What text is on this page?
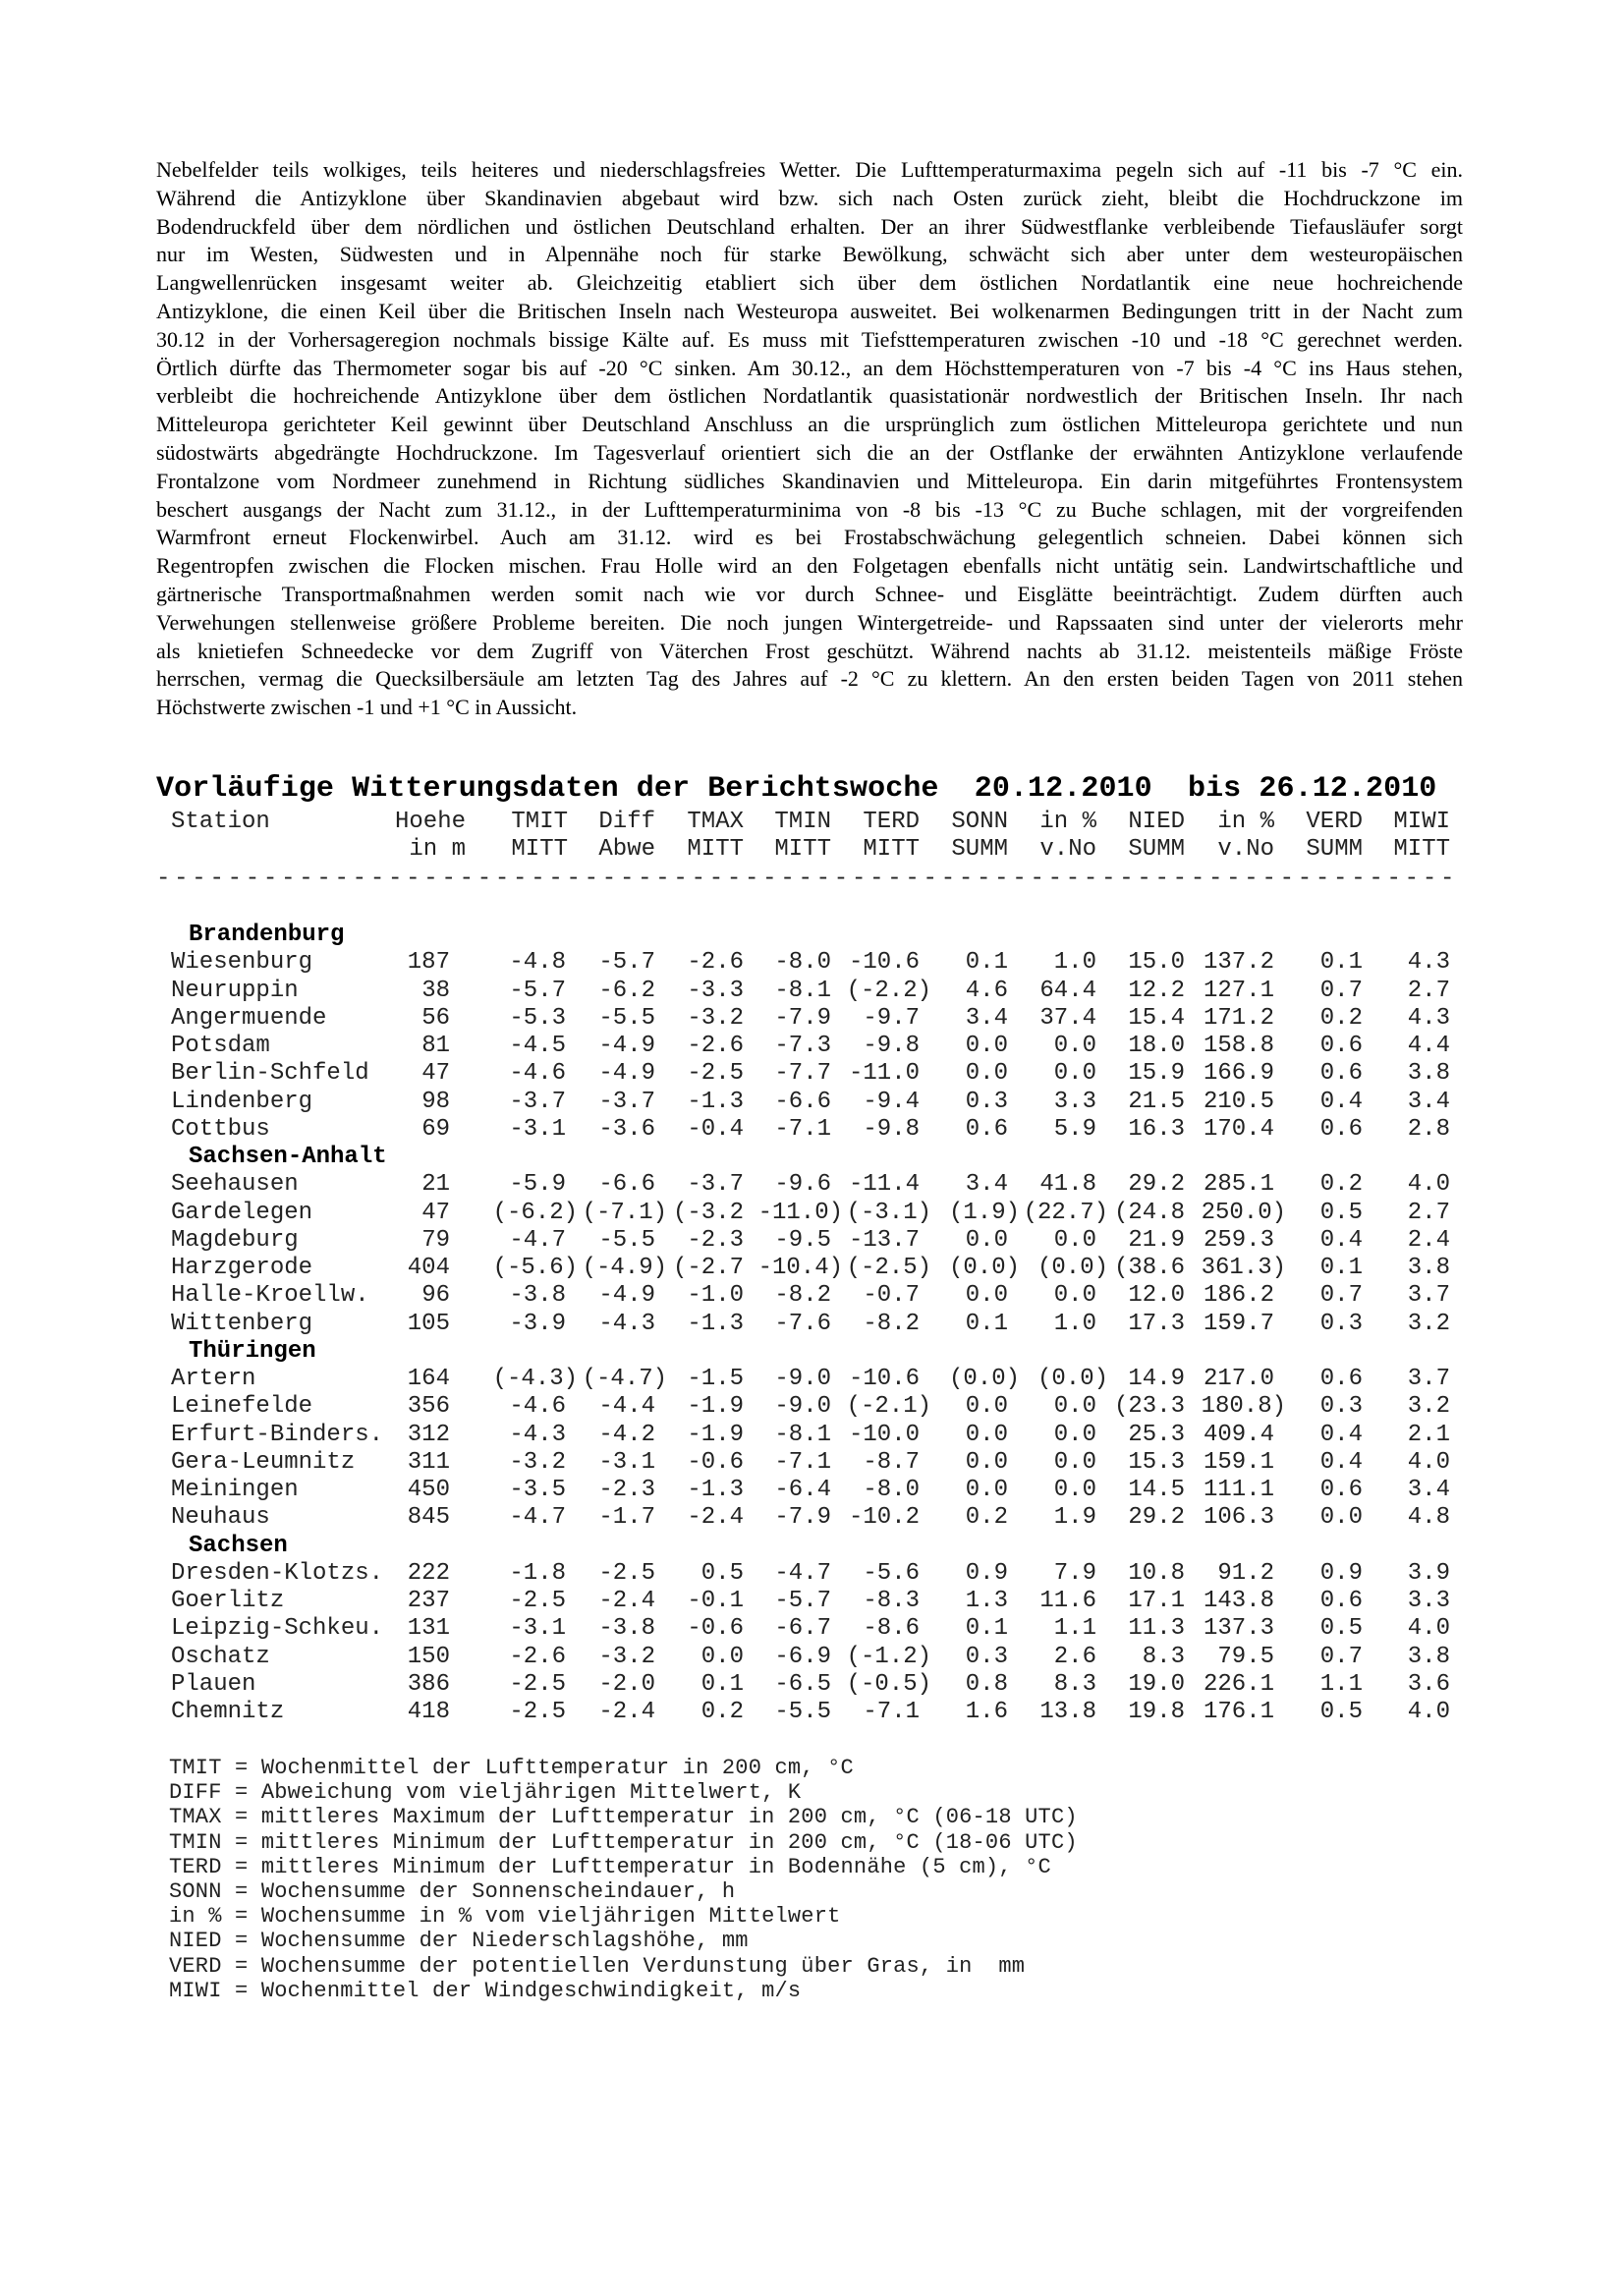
Nebelfelder teils wolkiges, teils heiteres und niederschlagsfreies Wetter. Die Lufttemperaturmaxima pegeln sich auf -11 bis -7 °C ein.
Während die Antizyklone über Skandinavien abgebaut wird bzw. sich nach Osten zurück zieht, bleibt die Hochdruckzone im
Bodendruckfeld über dem nördlichen und östlichen Deutschland erhalten. Der an ihrer Südwestflanke verbleibende Tiefausläufer sorgt
nur im Westen, Südwesten und in Alpennähe noch für starke Bewölkung, schwächt sich aber unter dem westeuropäischen
Langwellenrücken insgesamt weiter ab. Gleichzeitig etabliert sich über dem östlichen Nordatlantik eine neue hochreichende
Antizyklone, die einen Keil über die Britischen Inseln nach Westeuropa ausweitet. Bei wolkenarmen Bedingungen tritt in der Nacht zum
30.12 in der Vorhersageregion nochmals bissige Kälte auf. Es muss mit Tiefsttemperaturen zwischen -10 und -18 °C gerechnet werden.
Örtlich dürfte das Thermometer sogar bis auf -20 °C sinken. Am 30.12., an dem Höchsttemperaturen von -7 bis -4 °C ins Haus stehen,
verbleibt die hochreichende Antizyklone über dem östlichen Nordatlantik quasistationär nordwestlich der Britischen Inseln. Ihr nach
Mitteleuropa gerichteter Keil gewinnt über Deutschland Anschluss an die ursprünglich zum östlichen Mitteleuropa gerichtete und nun
südostwärts abgedrängte Hochdruckzone. Im Tagesverlauf orientiert sich die an der Ostflanke der erwähnten Antizyklone verlaufende
Frontalzone vom Nordmeer zunehmend in Richtung südliches Skandinavien und Mitteleuropa. Ein darin mitgeführtes Frontensystem
beschert ausgangs der Nacht zum 31.12., in der Lufttemperaturminima von -8 bis -13 °C zu Buche schlagen, mit der vorgreifenden
Warmfront erneut Flockenwirbel. Auch am 31.12. wird es bei Frostabschwächung gelegentlich schneien. Dabei können sich
Regentropfen zwischen die Flocken mischen. Frau Holle wird an den Folgetagen ebenfalls nicht untätig sein. Landwirtschaftliche und
gärtnerische Transportmaßnahmen werden somit nach wie vor durch Schnee- und Eisglätte beeinträchtigt. Zudem dürften auch
Verwehungen stellenweise größere Probleme bereiten. Die noch jungen Wintergetreide- und Rapssaaten sind unter der vielerorts mehr
als knietiefen Schneedecke vor dem Zugriff von Väterchen Frost geschützt. Während nachts ab 31.12. meistenteils mäßige Fröste
herrschen, vermag die Quecksilbersäule am letzten Tag des Jahres auf -2 °C zu klettern. An den ersten beiden Tagen von 2011 stehen
Höchstwerte zwischen -1 und +1 °C in Aussicht.
Vorläufige Witterungsdaten der Berichtswoche  20.12.2010  bis 26.12.2010
Station	Hoehe TMIT Diff TMAX TMIN TERD SONN in % NIED in % VERD MIWI
in m MITT Abwe MITT MITT MITT SUMM v.No SUMM v.No SUMM MITT
-------------------------------------------------------------------------
Brandenburg
Wiesenburg	187	-4.8 -5.7 -2.6 -8.0 -10.6 0.1 1.0 15.0 137.2 0.1 4.3
Neuruppin	38	-5.7 -6.2 -3.3 -8.1 (-2.2) 4.6 64.4 12.2 127.1 0.7 2.7
Angermuende	56	-5.3 -5.5 -3.2 -7.9 -9.7 3.4 37.4 15.4 171.2 0.2 4.3
Potsdam	81	-4.5 -4.9 -2.6 -7.3 -9.8 0.0 0.0 18.0 158.8 0.6 4.4
Berlin-Schfeld 47	-4.6 -4.9 -2.5 -7.7 -11.0 0.0 0.0 15.9 166.9 0.6 3.8
Lindenberg	98	-3.7 -3.7 -1.3 -6.6 -9.4 0.3 3.3 21.5 210.5 0.4 3.4
Cottbus	69	-3.1 -3.6 -0.4 -7.1 -9.8 0.6 5.9 16.3 170.4 0.6 2.8
Sachsen-Anhalt
Seehausen	21	-5.9 -6.6 -3.7 -9.6 -11.4 3.4 41.8 29.2 285.1 0.2 4.0
Gardelegen	47 (-6.2) (-7.1) (-3.2 -11.0) (-3.1) (1.9) (22.7) (24.8 250.0) 0.5 2.7
Magdeburg	79	-4.7 -5.5 -2.3 -9.5 -13.7 0.0 0.0 21.9 259.3 0.4 2.4
Harzgerode	404 (-5.6) (-4.9) (-2.7 -10.4) (-2.5) (0.0) (0.0) (38.6 361.3) 0.1 3.8
Halle-Kroellw. 96	-3.8 -4.9 -1.0 -8.2 -0.7 0.0 0.0 12.0 186.2 0.7 3.7
Wittenberg	105	-3.9 -4.3 -1.3 -7.6 -8.2 0.1 1.0 17.3 159.7 0.3 3.2
Thüringen
Artern	164 (-4.3) (-4.7) -1.5 -9.0 -10.6 (0.0) (0.0) 14.9 217.0 0.6 3.7
Leinefelde	356	-4.6 -4.4 -1.9 -9.0 (-2.1) 0.0 0.0 (23.3 180.8) 0.3 3.2
Erfurt-Binders. 312	-4.3 -4.2 -1.9 -8.1 -10.0 0.0 0.0 25.3 409.4 0.4 2.1
Gera-Leumnitz 311	-3.2 -3.1 -0.6 -7.1 -8.7 0.0 0.0 15.3 159.1 0.4 4.0
Meiningen	450	-3.5 -2.3 -1.3 -6.4 -8.0 0.0 0.0 14.5 111.1 0.6 3.4
Neuhaus	845	-4.7 -1.7 -2.4 -7.9 -10.2 0.2 1.9 29.2 106.3 0.0 4.8
Sachsen
Dresden-Klotzs. 222	-1.8 -2.5 0.5 -4.7 -5.6 0.9 7.9 10.8 91.2 0.9 3.9
Goerlitz	237	-2.5 -2.4 -0.1 -5.7 -8.3 1.3 11.6 17.1 143.8 0.6 3.3
Leipzig-Schkeu. 131	-3.1 -3.8 -0.6 -6.7 -8.6 0.1 1.1 11.3 137.3 0.5 4.0
Oschatz	150	-2.6 -3.2 0.0 -6.9 (-1.2) 0.3 2.6 8.3 79.5 0.7 3.8
Plauen	386	-2.5 -2.0 0.1 -6.5 (-0.5) 0.8 8.3 19.0 226.1 1.1 3.6
Chemnitz	418	-2.5 -2.4 0.2 -5.5 -7.1 1.6 13.8 19.8 176.1 0.5 4.0
TMIT = Wochenmittel der Lufttemperatur in 200 cm, °C
DIFF = Abweichung vom vieljährigen Mittelwert, K
TMAX = mittleres Maximum der Lufttemperatur in 200 cm, °C (06-18 UTC)
TMIN = mittleres Minimum der Lufttemperatur in 200 cm, °C (18-06 UTC)
TERD = mittleres Minimum der Lufttemperatur in Bodennähe (5 cm), °C
SONN = Wochensumme der Sonnenscheindauer, h
in % = Wochensumme in % vom vieljährigen Mittelwert
NIED = Wochensumme der Niederschlagshöhe, mm
VERD = Wochensumme der potentiellen Verdunstung über Gras, in  mm
MIWI = Wochenmittel der Windgeschwindigkeit, m/s
